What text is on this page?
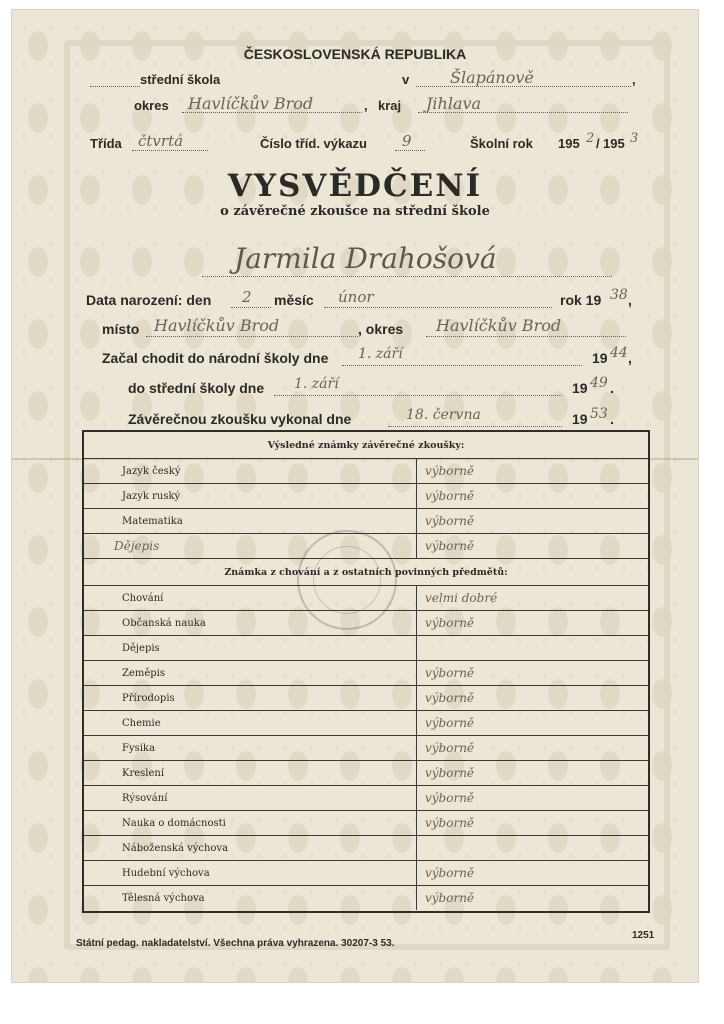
ČESKOSLOVENSKÁ REPUBLIKA
střední škola	v	Šlapánově	,
okres Havlíčkův Brod	, kraj Jihlava
Třída čtvrtá	Číslo tříd. výkazu 9	Školní rok 195 2 / 195 3
VYSVĚDČENÍ
o závěrečné zkoušce na střední škole
Jarmila Drahošová
Data narození: den 2 měsíc únor	rok 19 38 ,
místo Havlíčkův Brod	, okres Havlíčkův Brod
Začal chodit do národní školy dne 1. září	19 44 ,
do střední školy dne 1. září	19 49 .
Závěrečnou zkoušku vykonal dne	18. června	19 53 .
Výsledné známky závěrečné zkoušky:	
Jazyk český	výborně
Jazyk ruský	výborně
Matematika	výborně
Dějepis	výborně
Známka z chování a z ostatních povinných předmětů:	
Chování	velmi dobré
Občanská nauka	výborně
Dějepis	
Zeměpis	výborně
Přírodopis	výborně
Chemie	výborně
Fysika	výborně
Kreslení	výborně
Rýsování	výborně
Nauka o domácnosti	výborně
Náboženská výchova	
Hudební výchova	výborně
Tělesná výchova	výborně
Státní pedag. nakladatelství. Všechna práva vyhrazena. 30207-3 53.
1251
